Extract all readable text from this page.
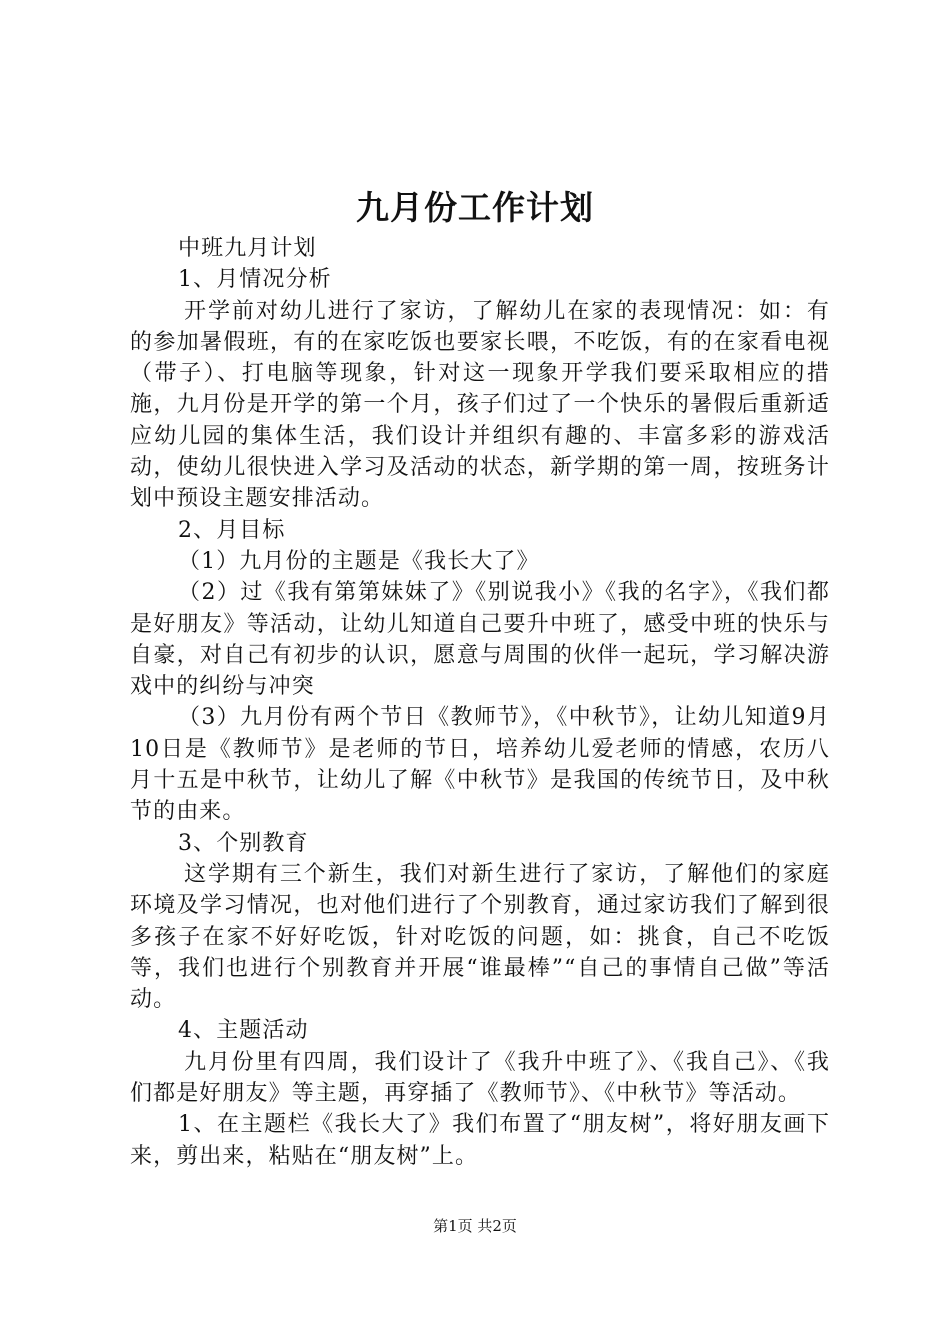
九月份工作计划

中班九月计划

1、月情况分析

开学前对幼儿进行了家访，了解幼儿在家的表现情况：如：有的参加暑假班，有的在家吃饭也要家长喂，不吃饭，有的在家看电视（带子）、打电脑等现象，针对这一现象开学我们要采取相应的措施，九月份是开学的第一个月，孩子们过了一个快乐的暑假后重新适应幼儿园的集体生活，我们设计并组织有趣的、丰富多彩的游戏活动，使幼儿很快进入学习及活动的状态，新学期的第一周，按班务计划中预设主题安排活动。

2、月目标

（1）九月份的主题是《我长大了》

（2）过《我有第第妹妹了》《别说我小》《我的名字》，《我们都是好朋友》等活动，让幼儿知道自己要升中班了，感受中班的快乐与自豪，对自己有初步的认识，愿意与周围的伙伴一起玩，学习解决游戏中的纠纷与冲突

（3）九月份有两个节日《教师节》，《中秋节》，让幼儿知道9月10日是《教师节》是老师的节日，培养幼儿爱老师的情感，农历八月十五是中秋节，让幼儿了解《中秋节》是我国的传统节日，及中秋节的由来。

3、个别教育

这学期有三个新生，我们对新生进行了家访，了解他们的家庭环境及学习情况，也对他们进行了个别教育，通过家访我们了解到很多孩子在家不好好吃饭，针对吃饭的问题，如：挑食，自己不吃饭等，我们也进行个别教育并开展“谁最棒”“自己的事情自己做”等活动。

4、主题活动

九月份里有四周，我们设计了《我升中班了》、《我自己》、《我们都是好朋友》等主题，再穿插了《教师节》、《中秋节》等活动。

1、在主题栏《我长大了》我们布置了“朋友树”，将好朋友画下来，剪出来，粘贴在“朋友树”上。

第1页 共2页
